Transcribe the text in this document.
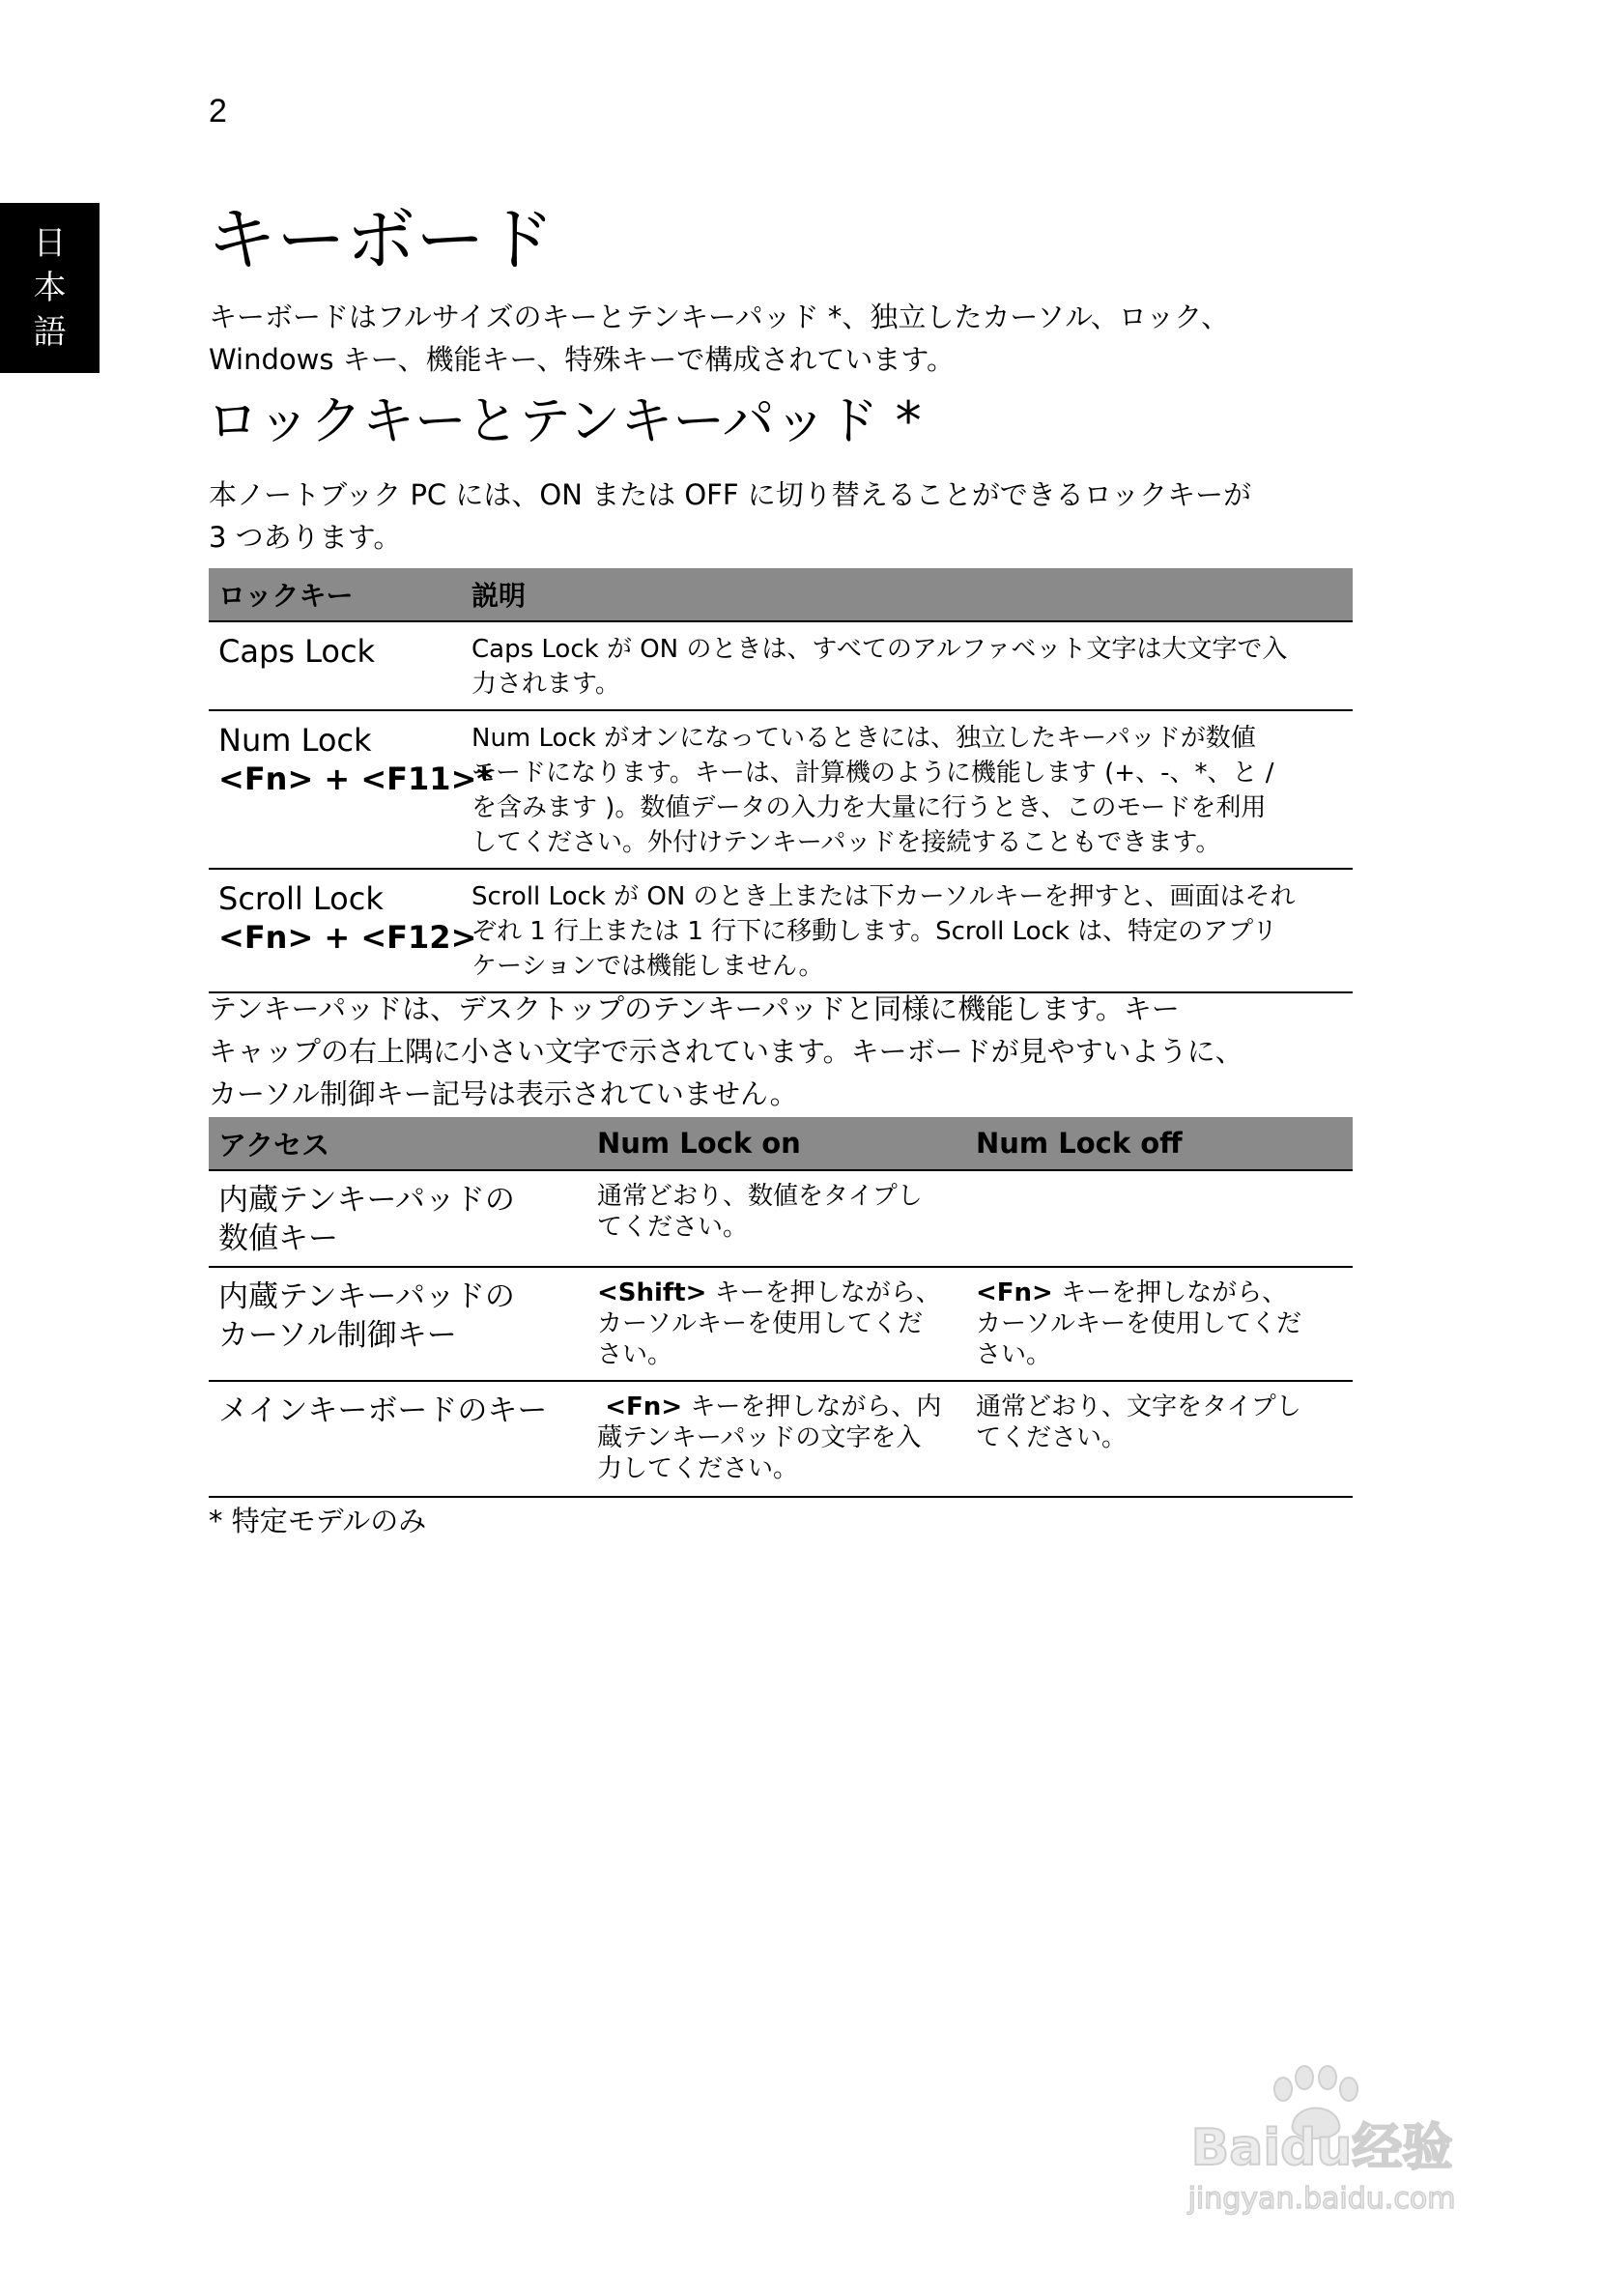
2
日
本
語
キーボード
キーボードはフルサイズのキーとテンキーパッド *、独立したカーソル、ロック、
Windows キー、機能キー、特殊キーで構成されています。
ロックキーとテンキーパッド *
本ノートブック PC には、ON または OFF に切り替えることができるロックキーが
3 つあります。
ロックキー	説明

Caps Lock	Caps Lock が ON のときは、すべてのアルファベット文字は大文字で入
力されます。

Num Lock
<Fn> + <F11>*	Num Lock がオンになっているときには、独立したキーパッドが数値
モードになります。キーは、計算機のように機能します (+、-、*、と /
を含みます )。数値データの入力を大量に行うとき、このモードを利用
してください。外付けテンキーパッドを接続することもできます。

Scroll Lock
<Fn> + <F12>	Scroll Lock が ON のとき上または下カーソルキーを押すと、画面はそれ
ぞれ 1 行上または 1 行下に移動します。Scroll Lock は、特定のアプリ
ケーションでは機能しません。
テンキーパッドは、デスクトップのテンキーパッドと同様に機能します。キー
キャップの右上隅に小さい文字で示されています。キーボードが見やすいように、
カーソル制御キー記号は表示されていません。
アクセス	Num Lock on	Num Lock off

内蔵テンキーパッドの
数値キー	通常どおり、数値をタイプし
てください。	

内蔵テンキーパッドの
カーソル制御キー	<Shift> キーを押しながら、
カーソルキーを使用してくだ
さい。	<Fn> キーを押しながら、
カーソルキーを使用してくだ
さい。

メインキーボードのキー	<Fn> キーを押しながら、内
蔵テンキーパッドの文字を入
力してください。	通常どおり、文字をタイプし
てください。

* 特定モデルのみ

Baidu经验
jingyan.baidu.com
